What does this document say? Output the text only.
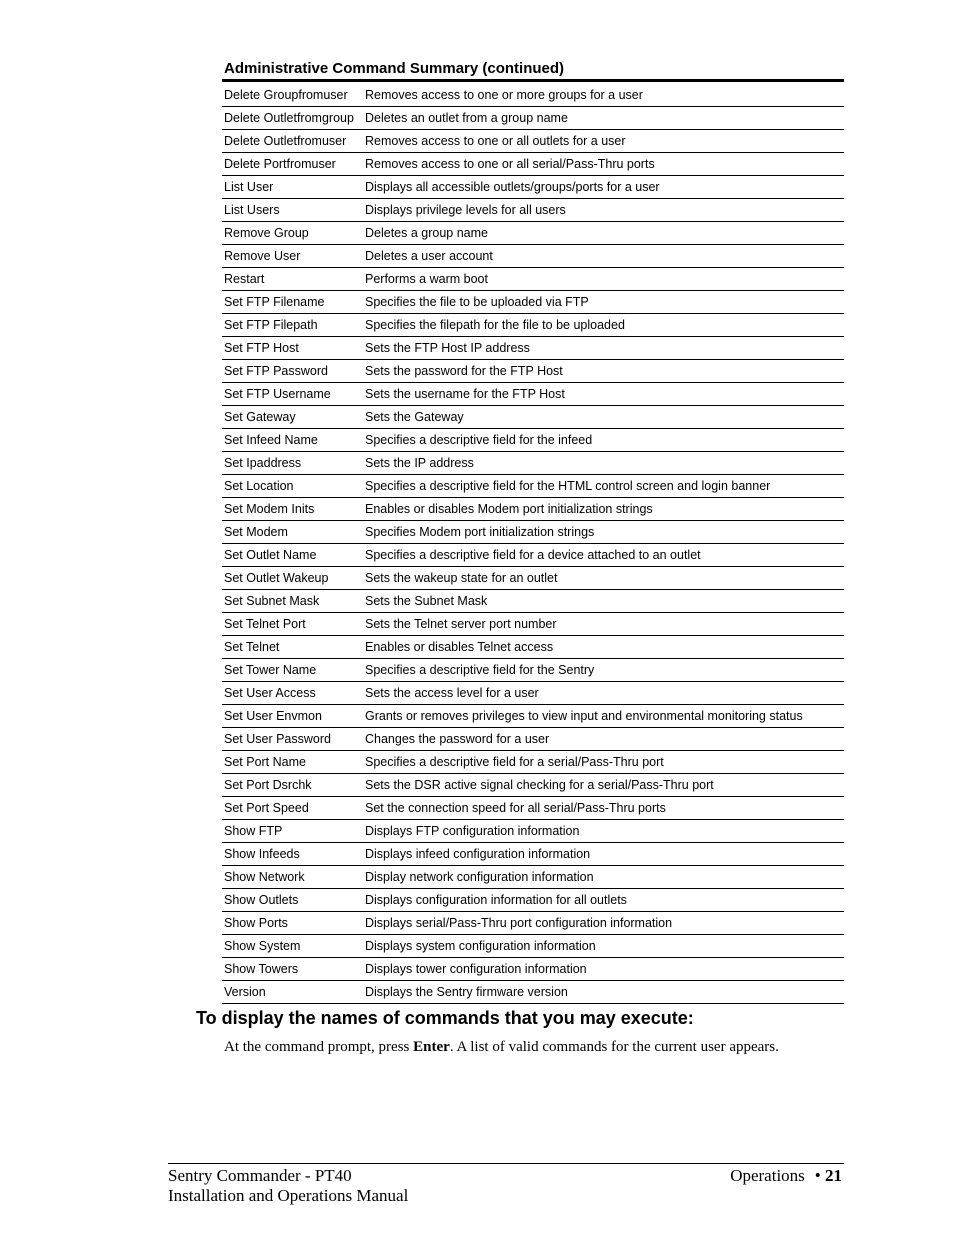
Administrative Command Summary (continued)
Delete Groupfromuser	Removes access to one or more groups for a user
Delete Outletfromgroup	Deletes an outlet from a group name
Delete Outletfromuser	Removes access to one or all outlets for a user
Delete Portfromuser	Removes access to one or all serial/Pass-Thru ports
List User	Displays all accessible outlets/groups/ports for a user
List Users	Displays privilege levels for all users
Remove Group	Deletes a group name
Remove User	Deletes a user account
Restart	Performs a warm boot
Set FTP Filename	Specifies the file to be uploaded via FTP
Set FTP Filepath	Specifies the filepath for the file to be uploaded
Set FTP Host	Sets the FTP Host IP address
Set FTP Password	Sets the password for the FTP Host
Set FTP Username	Sets the username for the FTP Host
Set Gateway	Sets the Gateway
Set Infeed Name	Specifies a descriptive field for the infeed
Set Ipaddress	Sets the IP address
Set Location	Specifies a descriptive field for the HTML control screen and login banner
Set Modem Inits	Enables or disables Modem port initialization strings
Set Modem	Specifies Modem port initialization strings
Set Outlet Name	Specifies a descriptive field for a device attached to an outlet
Set Outlet Wakeup	Sets the wakeup state for an outlet
Set Subnet Mask	Sets the Subnet Mask
Set Telnet Port	Sets the Telnet server port number
Set Telnet	Enables or disables Telnet access
Set Tower Name	Specifies a descriptive field for the Sentry
Set User Access	Sets the access level for a user
Set User Envmon	Grants or removes privileges to view input and environmental monitoring status
Set User Password	Changes the password for a user
Set Port Name	Specifies a descriptive field for a serial/Pass-Thru port
Set Port Dsrchk	Sets the DSR active signal checking for a serial/Pass-Thru port
Set Port Speed	Set the connection speed for all serial/Pass-Thru ports
Show FTP	Displays FTP configuration information
Show Infeeds	Displays infeed configuration information
Show Network	Display network configuration information
Show Outlets	Displays configuration information for all outlets
Show Ports	Displays serial/Pass-Thru port configuration information
Show System	Displays system configuration information
Show Towers	Displays tower configuration information
Version	Displays the Sentry firmware version
To display the names of commands that you may execute:
At the command prompt, press Enter. A list of valid commands for the current user appears.
Sentry Commander - PT40
Installation and Operations Manual
Operations • 21
